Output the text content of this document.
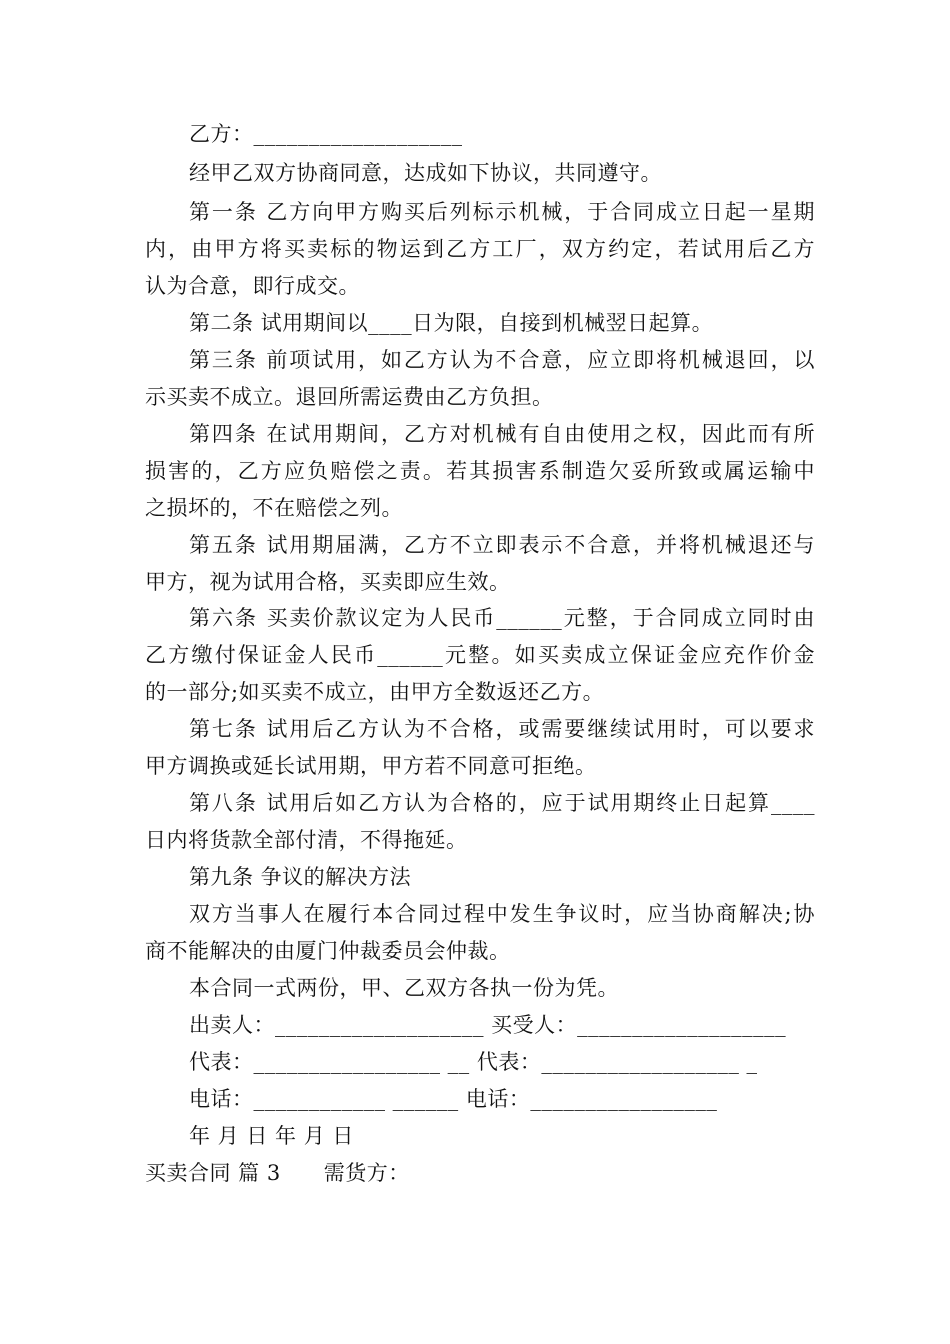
乙方：___________________
经甲乙双方协商同意，达成如下协议，共同遵守。
第一条 乙方向甲方购买后列标示机械，于合同成立日起一星期
内，由甲方将买卖标的物运到乙方工厂，双方约定，若试用后乙方
认为合意，即行成交。
第二条 试用期间以____日为限，自接到机械翌日起算。
第三条 前项试用，如乙方认为不合意，应立即将机械退回，以
示买卖不成立。退回所需运费由乙方负担。
第四条 在试用期间，乙方对机械有自由使用之权，因此而有所
损害的，乙方应负赔偿之责。若其损害系制造欠妥所致或属运输中
之损坏的，不在赔偿之列。
第五条 试用期届满，乙方不立即表示不合意，并将机械退还与
甲方，视为试用合格，买卖即应生效。
第六条 买卖价款议定为人民币______元整，于合同成立同时由
乙方缴付保证金人民币______元整。如买卖成立保证金应充作价金
的一部分;如买卖不成立，由甲方全数返还乙方。
第七条 试用后乙方认为不合格，或需要继续试用时，可以要求
甲方调换或延长试用期，甲方若不同意可拒绝。
第八条 试用后如乙方认为合格的，应于试用期终止日起算____
日内将货款全部付清，不得拖延。
第九条 争议的解决方法
双方当事人在履行本合同过程中发生争议时，应当协商解决;协
商不能解决的由厦门仲裁委员会仲裁。
本合同一式两份，甲、乙双方各执一份为凭。
出卖人：___________________ 买受人：___________________
代表：_________________ __ 代表：__________________ _
电话：____________ ______ 电话：_________________
年 月 日 年 月 日
买卖合同 篇 3　　需货方：
